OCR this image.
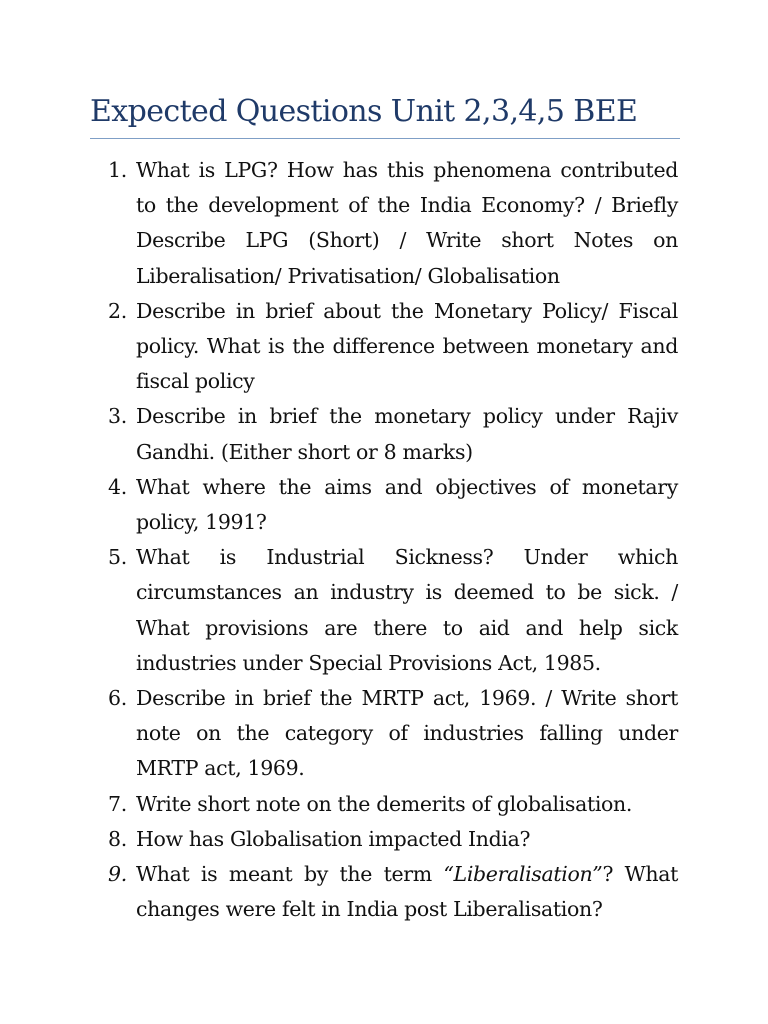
Expected Questions Unit 2,3,4,5 BEE
1. What is LPG? How has this phenomena contributed to the development of the India Economy? / Briefly Describe LPG (Short) / Write short Notes on Liberalisation/ Privatisation/ Globalisation
2. Describe in brief about the Monetary Policy/ Fiscal policy. What is the difference between monetary and fiscal policy
3. Describe in brief the monetary policy under Rajiv Gandhi. (Either short or 8 marks)
4. What where the aims and objectives of monetary policy, 1991?
5. What is Industrial Sickness? Under which circumstances an industry is deemed to be sick. / What provisions are there to aid and help sick industries under Special Provisions Act, 1985.
6. Describe in brief the MRTP act, 1969. / Write short note on the category of industries falling under MRTP act, 1969.
7. Write short note on the demerits of globalisation.
8. How has Globalisation impacted India?
9. What is meant by the term “Liberalisation”? What changes were felt in India post Liberalisation?
